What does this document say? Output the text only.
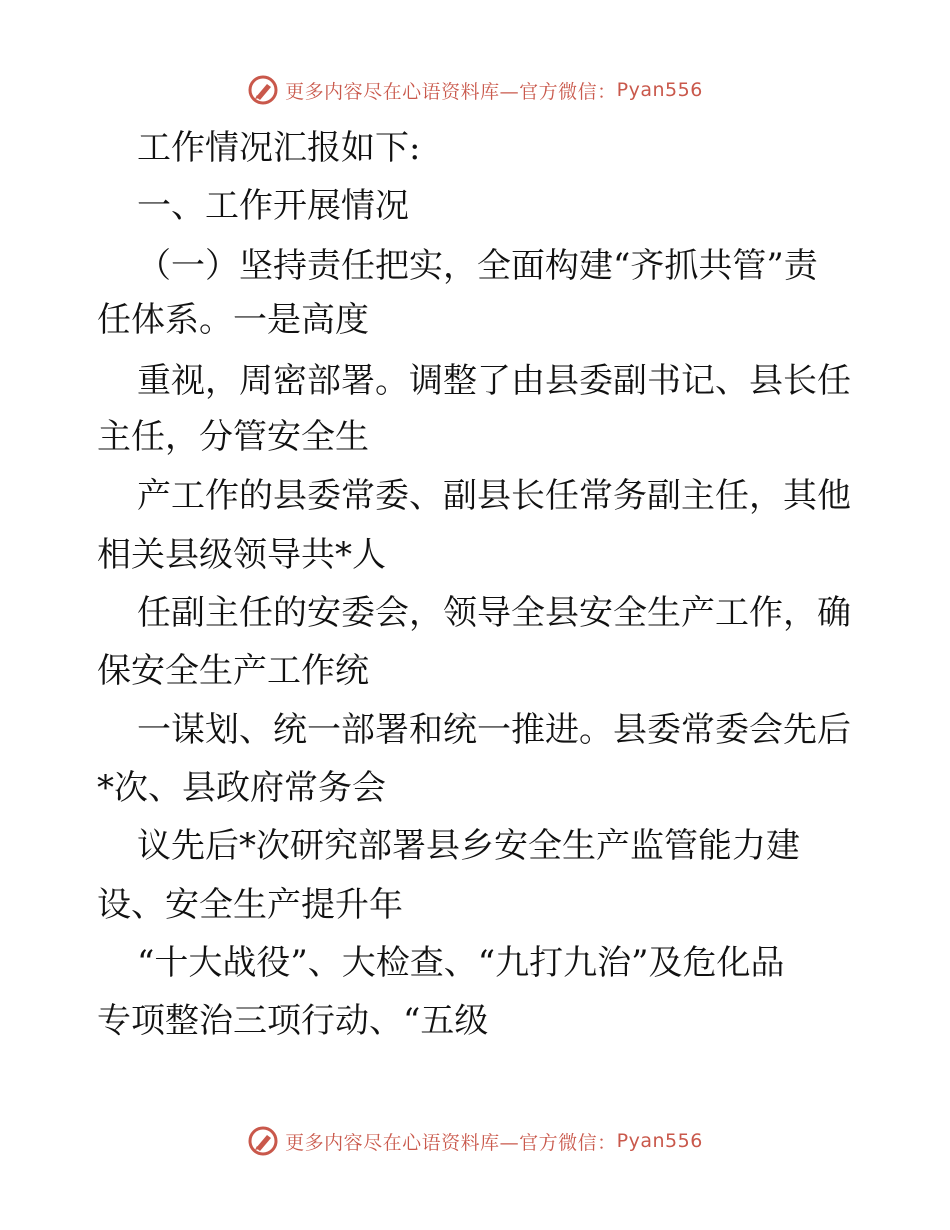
更多内容尽在心语资料库—官方微信： Pyan556
工作情况汇报如下:
一、工作开展情况
（一）坚持责任把实，全面构建“齐抓共管”责
任体系。一是高度
重视，周密部署。调整了由县委副书记、县长任
主任，分管安全生
产工作的县委常委、副县长任常务副主任，其他
相关县级领导共*人
任副主任的安委会，领导全县安全生产工作，确
保安全生产工作统
一谋划、统一部署和统一推进。县委常委会先后
*次、县政府常务会
议先后*次研究部署县乡安全生产监管能力建
设、安全生产提升年
“十大战役”、大检查、“九打九治”及危化品
专项整治三项行动、“五级
更多内容尽在心语资料库—官方微信： Pyan556
